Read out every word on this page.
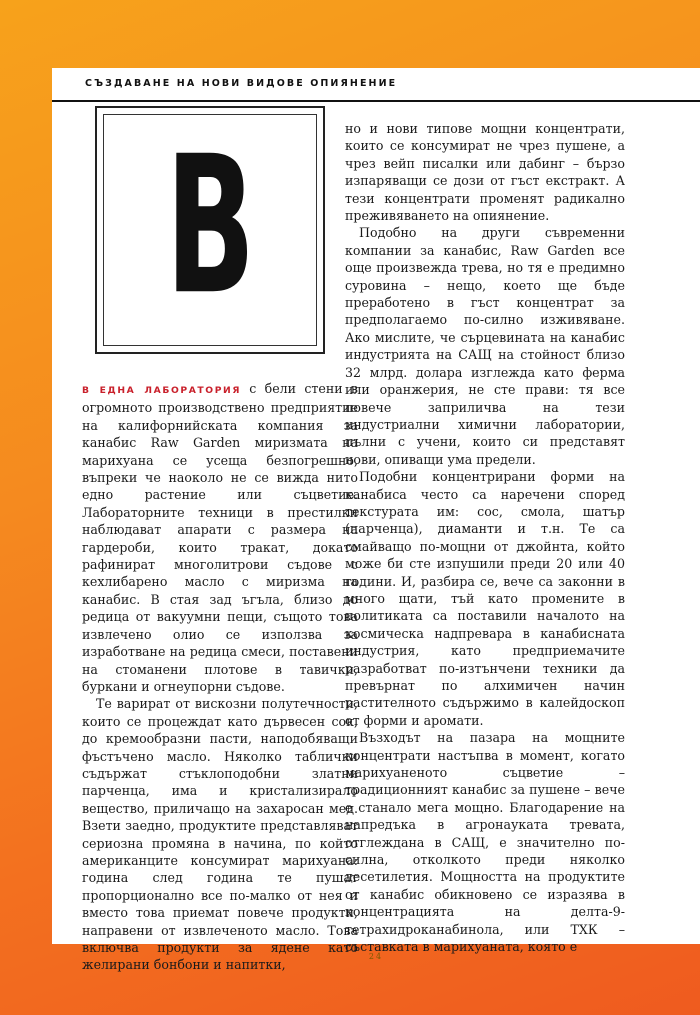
СЪЗДАВАНЕ НА НОВИ ВИДОВЕ ОПИЯНЕНИЕ
В

В ЕДНА ЛАБОРАТОРИЯ с бели стени в огромното производствено предприятие на калифорнийската компания за канабис Raw Garden миризмата на марихуана се усеща безпогрешно, въпреки че наоколо не се вижда нито едно растение или съцветие. Лабораторните техници в престилки наблюдават апарати с размера на гардероби, които тракат, докато рафинират многолитрови съдове с кехлибарено масло с миризма на канабис. В стая зад ъгъла, близо до редица от вакуумни пещи, същото това извлечено олио се използва за изработване на редица смеси, поставени на стоманени плотове в тавички, буркани и огнеупорни съдове.

Те варират от вискозни полутечности, които се процеждат като дървесен сок, до кремообразни пасти, наподобяващи фъстъчено масло. Няколко таблички съдържат стъклоподобни златни парченца, има и кристализирало вещество, приличащо на захаросан мед. Взети заедно, продуктите представляват сериозна промяна в начина, по който американците консумират марихуана: година след година те пушат пропорционално все по-малко от нея и вместо това приемат повече продукти, направени от извлеченото масло. Това включва продукти за ядене като желирани бонбони и напитки,

но и нови типове мощни концентрати, които се консумират не чрез пушене, а чрез вейп писалки или дабинг – бързо изпаряващи се дози от гъст екстракт. А тези концентрати променят радикално преживяването на опиянение.

Подобно на други съвременни компании за канабис, Raw Garden все още произвежда трева, но тя е предимно суровина – нещо, което ще бъде преработено в гъст концентрат за предполагаемо по-силно изживяване. Ако мислите, че сърцевината на канабис индустрията на САЩ на стойност близо 32 млрд. долара изглежда като ферма или оранжерия, не сте прави: тя все повече заприличва на тези индустриални химични лаборатории, пълни с учени, които си представят нови, опиващи ума предели.

Подобни концентрирани форми на канабиса често са наречени според текстурата им: сос, смола, шатър (парченца), диаманти и т.н. Те са смайващо по-мощни от джойнта, който може би сте изпушили преди 20 или 40 години. И, разбира се, вече са законни в много щати, тъй като промените в политиката са поставили началото на космическа надпревара в канабисната индустрия, като предприемачите разработват по-изтънчени техники да превърнат по алхимичен начин растителното съдържимо в калейдоскоп от форми и аромати.

Възходът на пазара на мощните концентрати настъпва в момент, когато марихуаненото съцветие – традиционният канабис за пушене – вече е станало мега мощно. Благодарение на напредъка в агронауката тревата, отглеждана в САЩ, е значително по-силна, отколкото преди няколко десетилетия. Мощността на продуктите от канабис обикновено се изразява в концентрацията на делта-9-тетрахидроканабинола, или ТХК – съставката в марихуаната, която е

24
